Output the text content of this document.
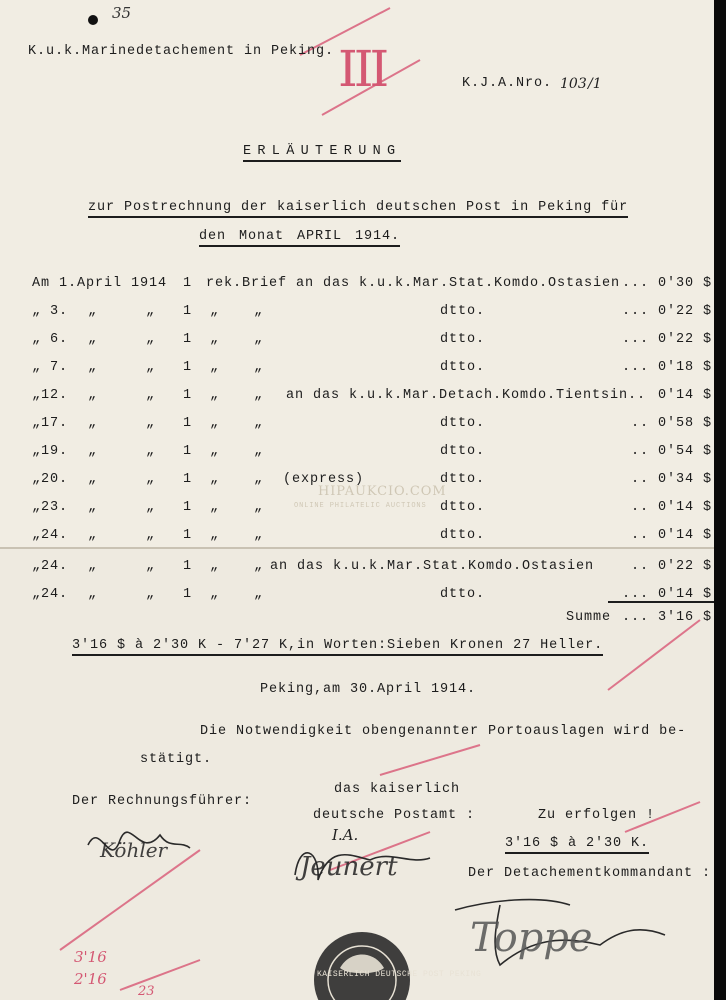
K.u.k.Marinedetachement in Peking.
35
III	K.J.A.Nro. 103 /1
ERLÄUTERUNG
zur Postrechnung der kaiserlich deutschen Post in Peking für
den Monat APRIL 1914.
Am 1.April 1914 1 rek.Brief an das k.u.k.Mar.Stat.Komdo.Ostasien ... 0'30 $
„ 3. „	„ 1 „	„	dtto.	... 0'22 $
„ 6. „	„ 1 „	„	dtto.	... 0'22 $
„ 7. „	„ 1 „	„	dtto.	... 0'18 $
„12. „	„ 1 „	„ an das k.u.k.Mar.Detach.Komdo.Tientsin.. 0'14 $
„17. „	„ 1 „	„	dtto.	.. 0'58 $
„19. „	„ 1 „	„	dtto.	.. 0'54 $
„20. „	„ 1 „	„ (express)	dtto.	.. 0'34 $
„23. „	„ 1 „	„	dtto.	.. 0'14 $
„24. „	„ 1 „	„	dtto.	.. 0'14 $
„24. „	„ 1 „	„ an das k.u.k.Mar.Stat.Komdo.Ostasien	.. 0'22 $
„24. „	„ 1 „	„	dtto.	... 0'14 $
Summe ... 3'16 $
3'16 $ à 2'30 K - 7'27 K,in Worten:Sieben Kronen 27 Heller.
Peking,am 30.April 1914.
Die Notwendigkeit obengenannter Portoauslagen wird be-
stätigt.
Der Rechnungsführer:
das kaiserlich
deutsche Postamt :
I.A.
Zu erfolgen !
3'16 $ à 2'30 K.
Der Detachementkommandant :
Köhler
Jeunert
Toppe
KAISERLICH DEUTSCHE POST PEKING
3'16
2'16
23
HIPAUKCIO.COM
ONLINE PHILATELIC AUCTIONS
